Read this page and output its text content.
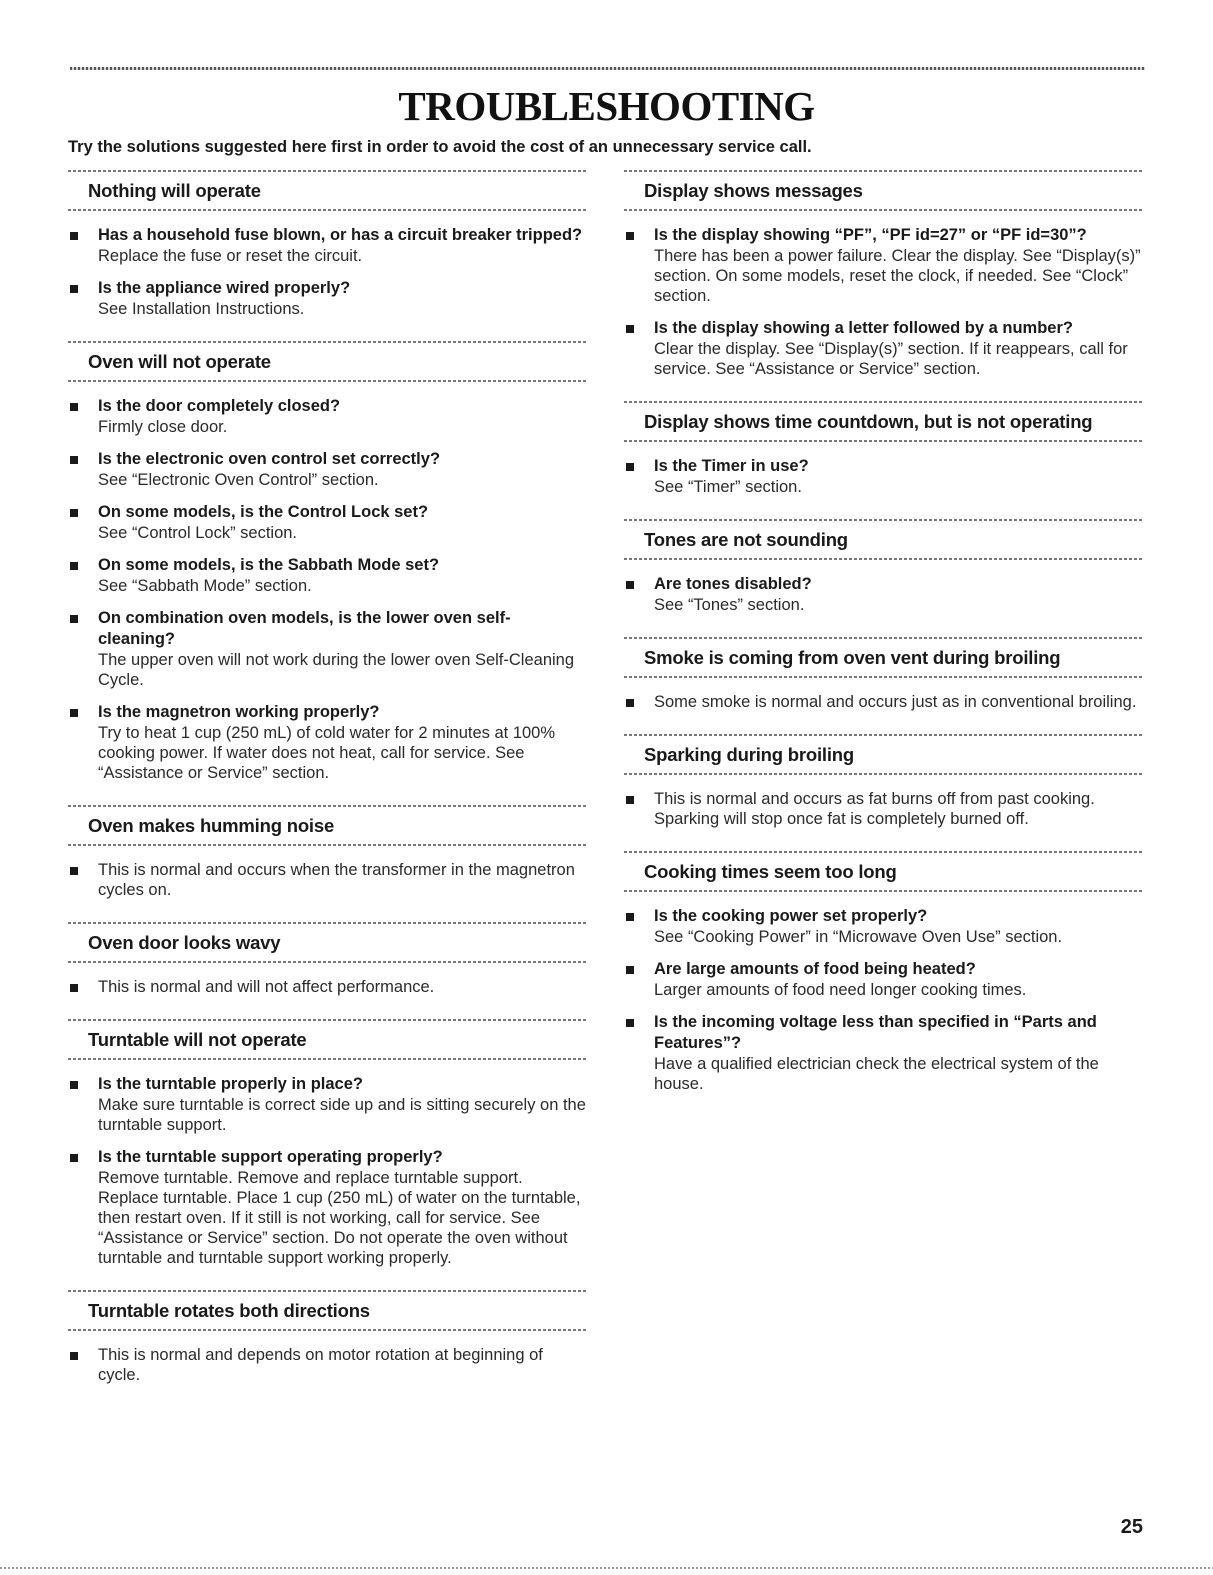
TROUBLESHOOTING
Try the solutions suggested here first in order to avoid the cost of an unnecessary service call.
Nothing will operate
Has a household fuse blown, or has a circuit breaker tripped?
Replace the fuse or reset the circuit.
Is the appliance wired properly?
See Installation Instructions.
Oven will not operate
Is the door completely closed?
Firmly close door.
Is the electronic oven control set correctly?
See “Electronic Oven Control” section.
On some models, is the Control Lock set?
See “Control Lock” section.
On some models, is the Sabbath Mode set?
See “Sabbath Mode” section.
On combination oven models, is the lower oven self-cleaning?
The upper oven will not work during the lower oven Self-Cleaning Cycle.
Is the magnetron working properly?
Try to heat 1 cup (250 mL) of cold water for 2 minutes at 100% cooking power. If water does not heat, call for service. See “Assistance or Service” section.
Oven makes humming noise
This is normal and occurs when the transformer in the magnetron cycles on.
Oven door looks wavy
This is normal and will not affect performance.
Turntable will not operate
Is the turntable properly in place?
Make sure turntable is correct side up and is sitting securely on the turntable support.
Is the turntable support operating properly?
Remove turntable. Remove and replace turntable support. Replace turntable. Place 1 cup (250 mL) of water on the turntable, then restart oven. If it still is not working, call for service. See “Assistance or Service” section. Do not operate the oven without turntable and turntable support working properly.
Turntable rotates both directions
This is normal and depends on motor rotation at beginning of cycle.
Display shows messages
Is the display showing “PF”, “PF id=27” or “PF id=30”?
There has been a power failure. Clear the display. See “Display(s)” section. On some models, reset the clock, if needed. See “Clock” section.
Is the display showing a letter followed by a number?
Clear the display. See “Display(s)” section. If it reappears, call for service. See “Assistance or Service” section.
Display shows time countdown, but is not operating
Is the Timer in use?
See “Timer” section.
Tones are not sounding
Are tones disabled?
See “Tones” section.
Smoke is coming from oven vent during broiling
Some smoke is normal and occurs just as in conventional broiling.
Sparking during broiling
This is normal and occurs as fat burns off from past cooking. Sparking will stop once fat is completely burned off.
Cooking times seem too long
Is the cooking power set properly?
See “Cooking Power” in “Microwave Oven Use” section.
Are large amounts of food being heated?
Larger amounts of food need longer cooking times.
Is the incoming voltage less than specified in “Parts and Features”?
Have a qualified electrician check the electrical system of the house.
25
